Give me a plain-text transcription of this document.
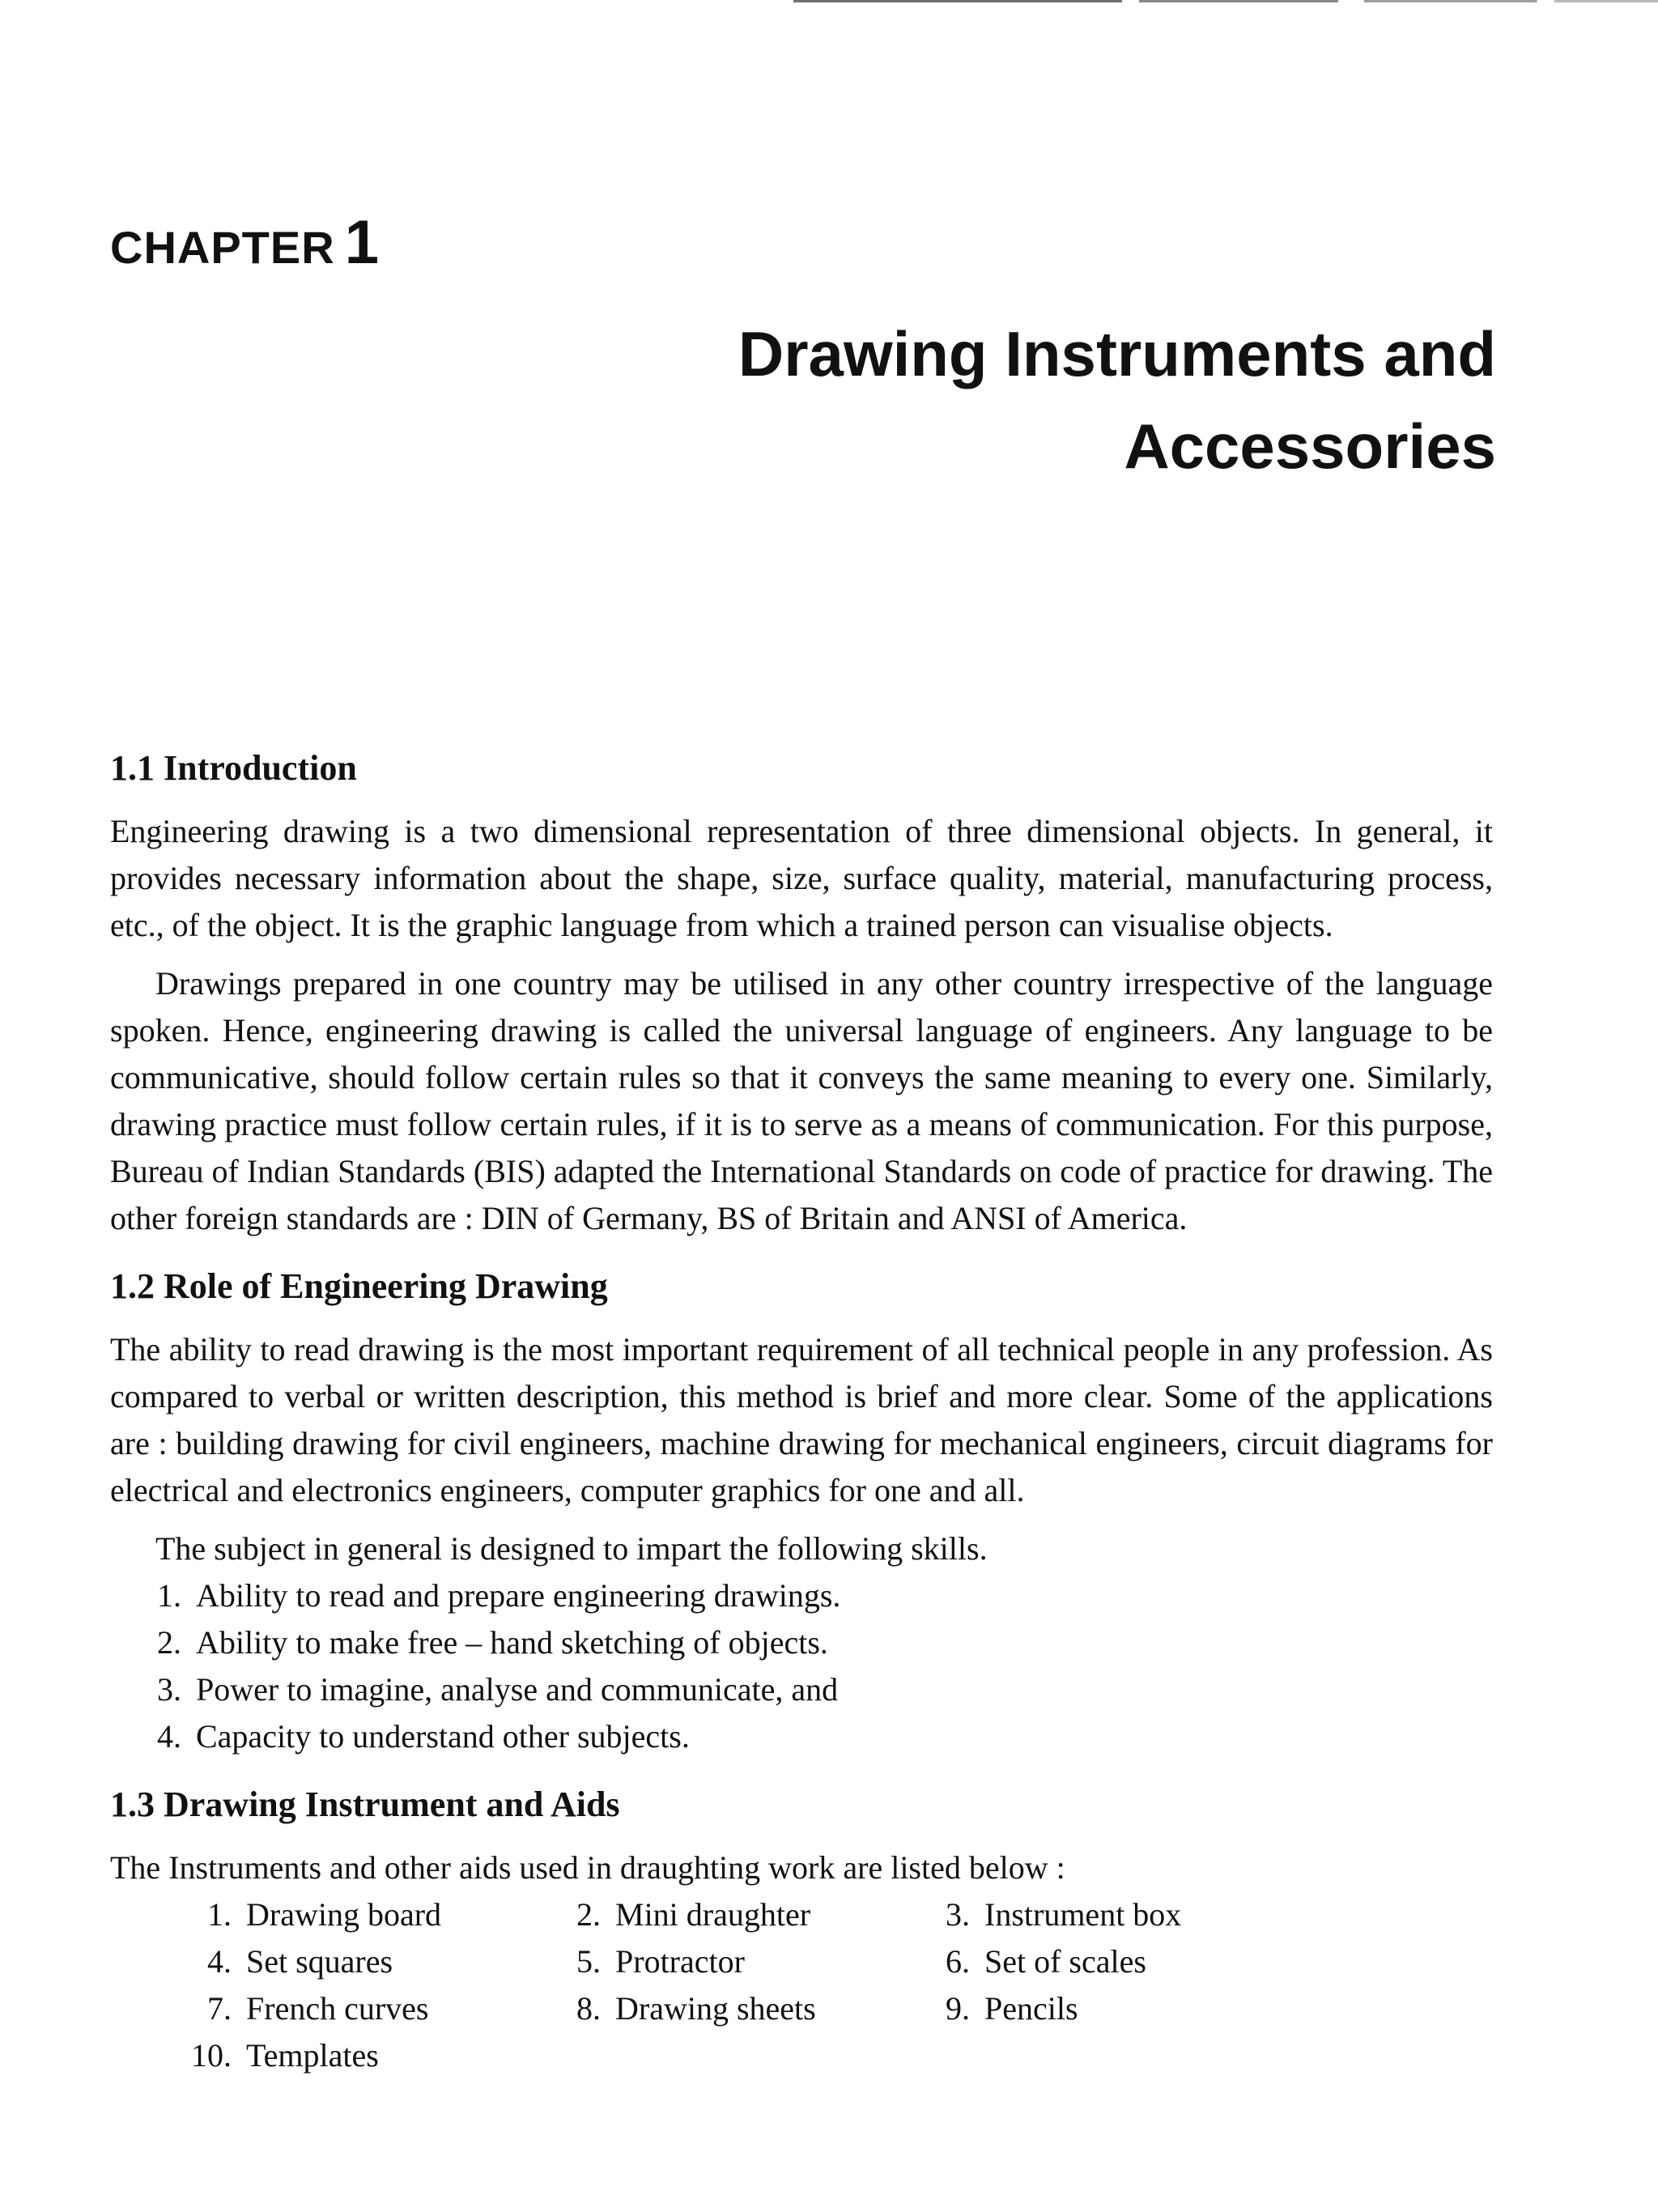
CHAPTER 1
Drawing Instruments and
Accessories
1.1 Introduction

Engineering drawing is a two dimensional representation of three dimensional objects. In general, it provides necessary information about the shape, size, surface quality, material, manufacturing process, etc., of the object. It is the graphic language from which a trained person can visualise objects.

Drawings prepared in one country may be utilised in any other country irrespective of the language spoken. Hence, engineering drawing is called the universal language of engineers. Any language to be communicative, should follow certain rules so that it conveys the same meaning to every one. Similarly, drawing practice must follow certain rules, if it is to serve as a means of communication. For this purpose, Bureau of Indian Standards (BIS) adapted the International Standards on code of practice for drawing. The other foreign standards are : DIN of Germany, BS of Britain and ANSI of America.

1.2 Role of Engineering Drawing

The ability to read drawing is the most important requirement of all technical people in any profession. As compared to verbal or written description, this method is brief and more clear. Some of the applications are : building drawing for civil engineers, machine drawing for mechanical engineers, circuit diagrams for electrical and electronics engineers, computer graphics for one and all.

The subject in general is designed to impart the following skills.

1. Ability to read and prepare engineering drawings.
2. Ability to make free – hand sketching of objects.
3. Power to imagine, analyse and communicate, and
4. Capacity to understand other subjects.
1.3 Drawing Instrument and Aids

The Instruments and other aids used in draughting work are listed below :

1. Drawing board	2. Mini draughter	3. Instrument box
4. Set squares	5. Protractor	6. Set of scales
7. French curves	8. Drawing sheets	9. Pencils
10. Templates
